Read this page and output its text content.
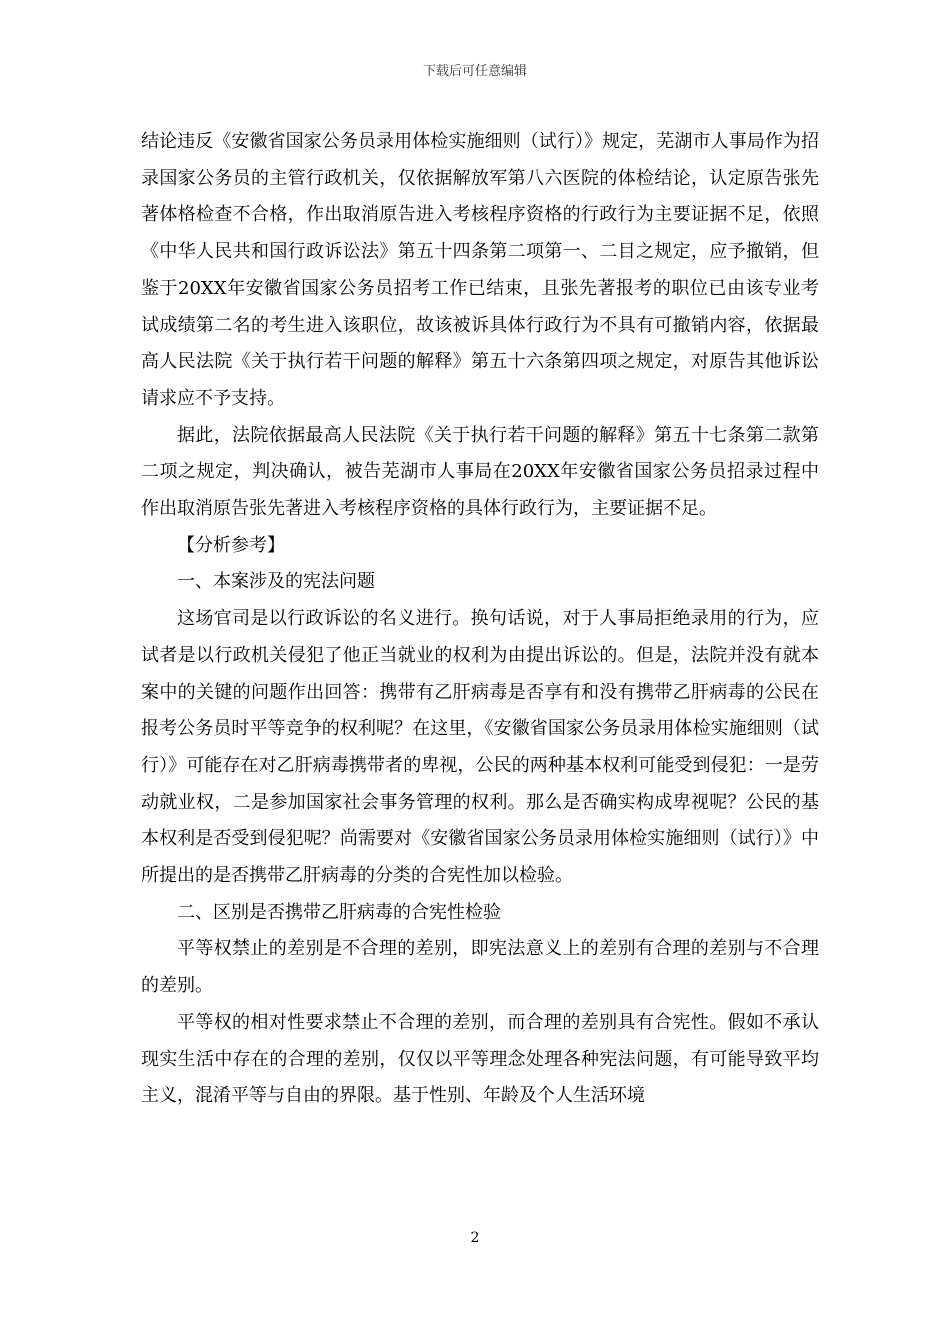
下载后可任意编辑

结论违反《安徽省国家公务员录用体检实施细则（试行）》规定，芜湖市人事局作为招录国家公务员的主管行政机关，仅依据解放军第八六医院的体检结论，认定原告张先著体格检查不合格，作出取消原告进入考核程序资格的行政行为主要证据不足，依照《中华人民共和国行政诉讼法》第五十四条第二项第一、二目之规定，应予撤销，但鉴于20XX年安徽省国家公务员招考工作已结束，且张先著报考的职位已由该专业考试成绩第二名的考生进入该职位，故该被诉具体行政行为不具有可撤销内容，依据最高人民法院《关于执行若干问题的解释》第五十六条第四项之规定，对原告其他诉讼请求应不予支持。

据此，法院依据最高人民法院《关于执行若干问题的解释》第五十七条第二款第二项之规定，判决确认，被告芜湖市人事局在20XX年安徽省国家公务员招录过程中作出取消原告张先著进入考核程序资格的具体行政行为，主要证据不足。

【分析参考】

一、本案涉及的宪法问题

这场官司是以行政诉讼的名义进行。换句话说，对于人事局拒绝录用的行为，应试者是以行政机关侵犯了他正当就业的权利为由提出诉讼的。但是，法院并没有就本案中的关键的问题作出回答：携带有乙肝病毒是否享有和没有携带乙肝病毒的公民在报考公务员时平等竞争的权利呢？在这里，《安徽省国家公务员录用体检实施细则（试行）》可能存在对乙肝病毒携带者的卑视，公民的两种基本权利可能受到侵犯：一是劳动就业权，二是参加国家社会事务管理的权利。那么是否确实构成卑视呢？公民的基本权利是否受到侵犯呢？尚需要对《安徽省国家公务员录用体检实施细则（试行）》中所提出的是否携带乙肝病毒的分类的合宪性加以检验。

二、区别是否携带乙肝病毒的合宪性检验

平等权禁止的差别是不合理的差别，即宪法意义上的差别有合理的差别与不合理的差别。

平等权的相对性要求禁止不合理的差别，而合理的差别具有合宪性。假如不承认现实生活中存在的合理的差别，仅仅以平等理念处理各种宪法问题，有可能导致平均主义，混淆平等与自由的界限。基于性别、年龄及个人生活环境

2
